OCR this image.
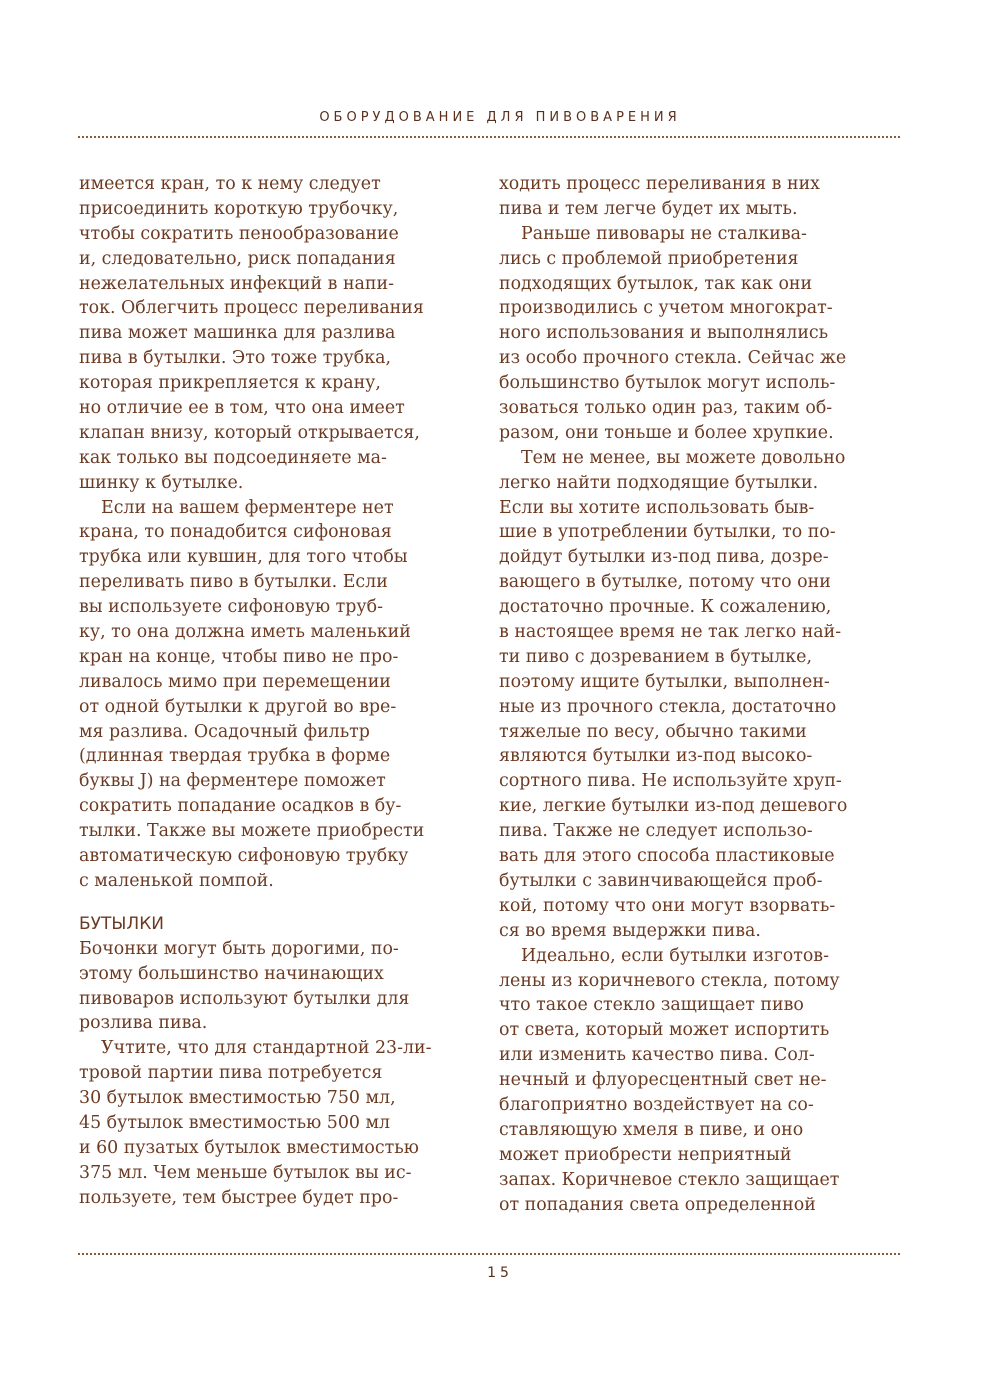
ОБОРУДОВАНИЕ ДЛЯ ПИВОВАРЕНИЯ
имеется кран, то к нему следует
присоединить короткую трубочку,
чтобы сократить пенообразование
и, следовательно, риск попадания
нежелательных инфекций в напи-
ток. Облегчить процесс переливания
пива может машинка для разлива
пива в бутылки. Это тоже трубка,
которая прикрепляется к крану,
но отличие ее в том, что она имеет
клапан внизу, который открывается,
как только вы подсоединяете ма-
шинку к бутылке.
Если на вашем ферментере нет
крана, то понадобится сифоновая
трубка или кувшин, для того чтобы
переливать пиво в бутылки. Если
вы используете сифоновую труб-
ку, то она должна иметь маленький
кран на конце, чтобы пиво не про-
ливалось мимо при перемещении
от одной бутылки к другой во вре-
мя разлива. Осадочный фильтр
(длинная твердая трубка в форме
буквы J) на ферментере поможет
сократить попадание осадков в бу-
тылки. Также вы можете приобрести
автоматическую сифоновую трубку
с маленькой помпой.
БУТЫЛКИ
Бочонки могут быть дорогими, по-
этому большинство начинающих
пивоваров используют бутылки для
розлива пива.
Учтите, что для стандартной 23-ли-
тровой партии пива потребуется
30 бутылок вместимостью 750 мл,
45 бутылок вместимостью 500 мл
и 60 пузатых бутылок вместимостью
375 мл. Чем меньше бутылок вы ис-
пользуете, тем быстрее будет про-
ходить процесс переливания в них
пива и тем легче будет их мыть.
Раньше пивовары не сталкива-
лись с проблемой приобретения
подходящих бутылок, так как они
производились с учетом многократ-
ного использования и выполнялись
из особо прочного стекла. Сейчас же
большинство бутылок могут исполь-
зоваться только один раз, таким об-
разом, они тоньше и более хрупкие.
Тем не менее, вы можете довольно
легко найти подходящие бутылки.
Если вы хотите использовать быв-
шие в употреблении бутылки, то по-
дойдут бутылки из-под пива, дозре-
вающего в бутылке, потому что они
достаточно прочные. К сожалению,
в настоящее время не так легко най-
ти пиво с дозреванием в бутылке,
поэтому ищите бутылки, выполнен-
ные из прочного стекла, достаточно
тяжелые по весу, обычно такими
являются бутылки из-под высоко-
сортного пива. Не используйте хруп-
кие, легкие бутылки из-под дешевого
пива. Также не следует использо-
вать для этого способа пластиковые
бутылки с завинчивающейся проб-
кой, потому что они могут взорвать-
ся во время выдержки пива.
Идеально, если бутылки изготов-
лены из коричневого стекла, потому
что такое стекло защищает пиво
от света, который может испортить
или изменить качество пива. Сол-
нечный и флуоресцентный свет не-
благоприятно воздействует на со-
ставляющую хмеля в пиве, и оно
может приобрести неприятный
запах. Коричневое стекло защищает
от попадания света определенной
15
